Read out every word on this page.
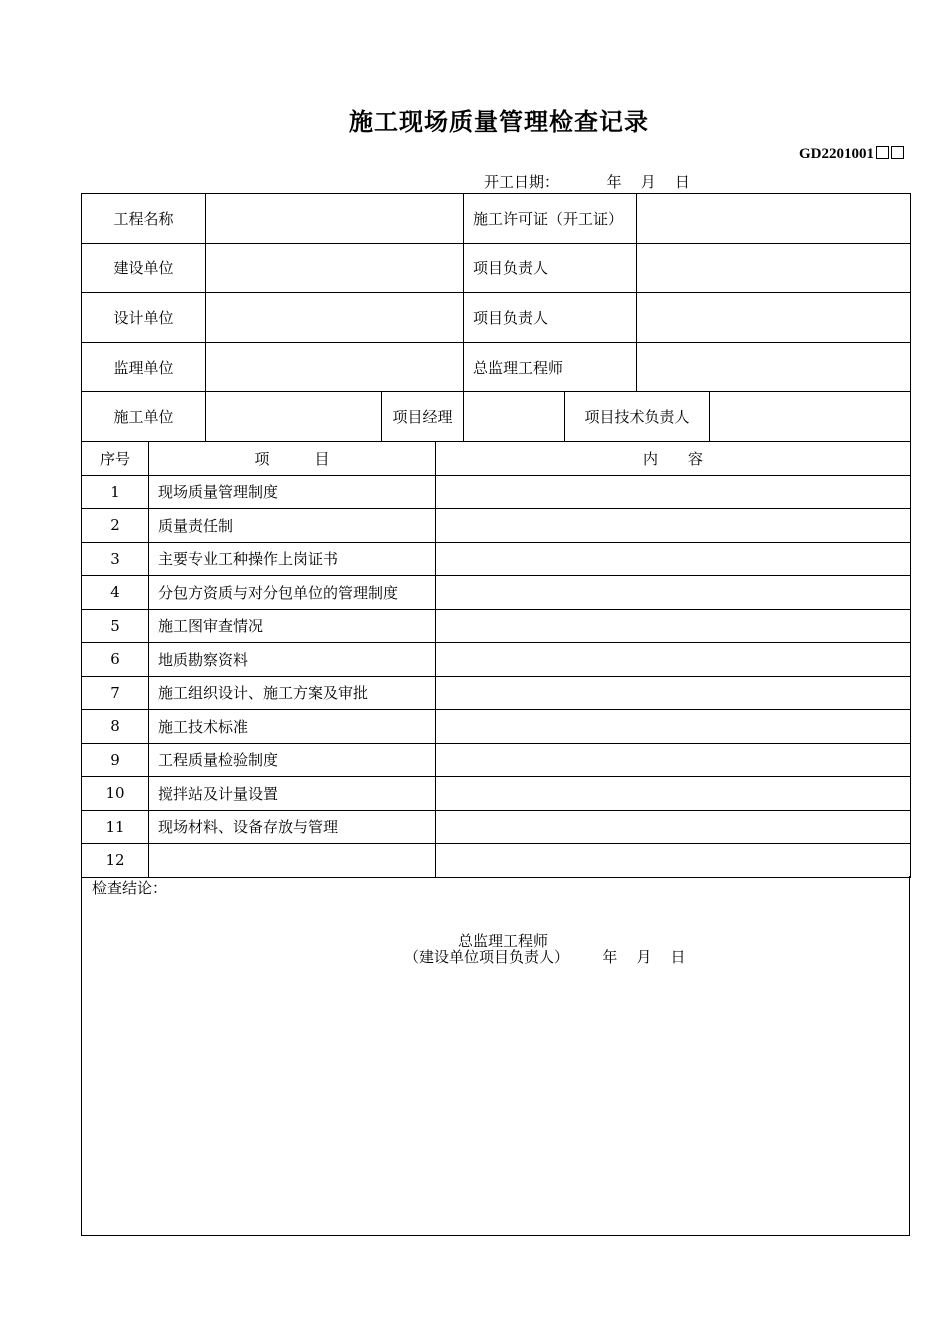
施工现场质量管理检查记录
GD2201001
开工日期：          年    月    日
工程名称			施工许可证（开工证）			
建设单位			项目负责人			
设计单位			项目负责人			
监理单位			总监理工程师			
施工单位		项目经理		项目技术负责人		
序号	项　　　目	内　　容
1	现场质量管理制度	
2	质量责任制	
3	主要专业工种操作上岗证书	
4	分包方资质与对分包单位的管理制度	
5	施工图审查情况	
6	地质勘察资料	
7	施工组织设计、施工方案及审批	
8	施工技术标准	
9	工程质量检验制度	
10	搅拌站及计量设置	
11	现场材料、设备存放与管理	
12		
检查结论：
总监理工程师
（建设单位项目负责人）       年    月    日
